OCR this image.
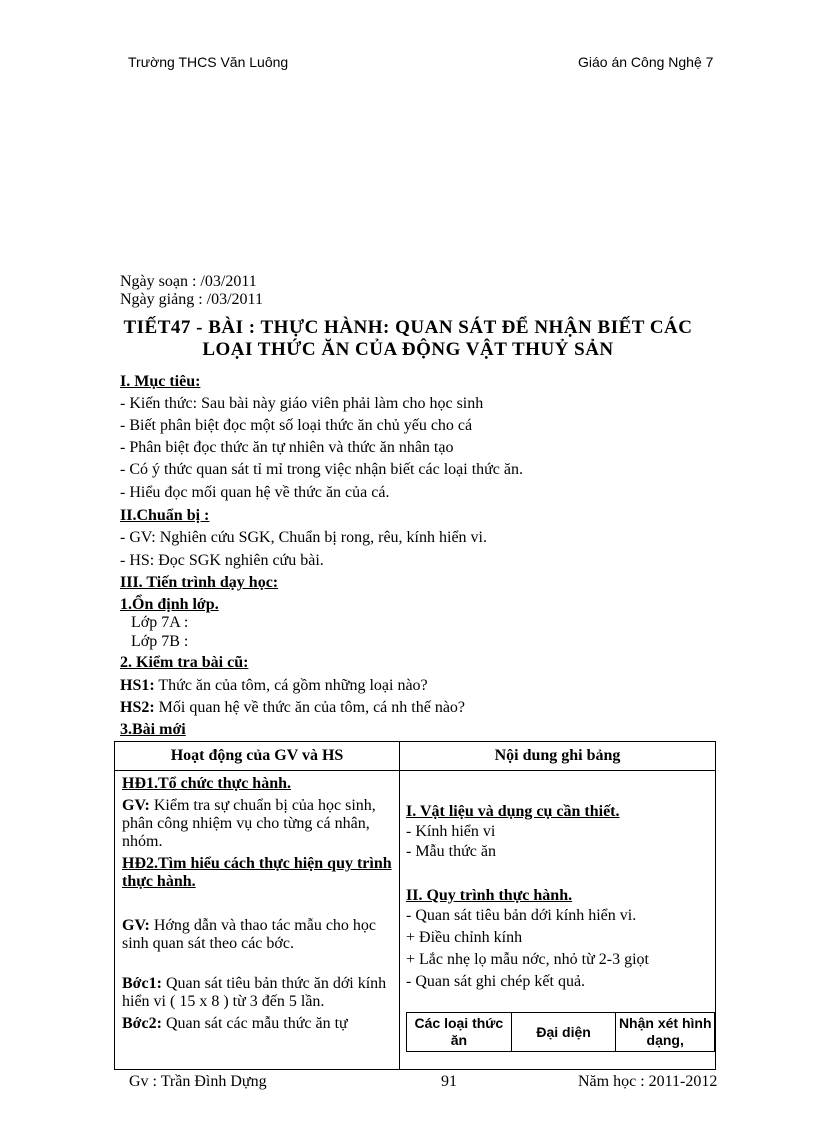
Trường THCS Văn Luông	Giáo án Công Nghệ 7
Ngày soạn : /03/2011
Ngày giảng : /03/2011
TIẾT47 - BÀI : THỰC HÀNH: QUAN SÁT ĐỂ NHẬN BIẾT CÁC
LOẠI THỨC ĂN CỦA ĐỘNG VẬT THUỶ SẢN
I. Mục tiêu:
- Kiến thức: Sau bài này giáo viên phải làm cho học sinh
- Biết phân biệt đọc một số loại thức ăn chủ yếu cho cá
- Phân biệt đọc thức ăn tự nhiên và thức ăn nhân tạo
- Có ý thức quan sát tỉ mỉ trong việc nhận biết các loại thức ăn.
- Hiểu đọc mối quan hệ về thức ăn của cá.
II.Chuẩn bị :
- GV: Nghiên cứu SGK, Chuẩn bị rong, rêu, kính hiển vi.
- HS: Đọc SGK nghiên cứu bài.
III. Tiến trình dạy học:
1.Ổn định lớp.
Lớp 7A :
Lớp 7B :
2. Kiểm tra bài cũ:
HS1: Thức ăn của tôm, cá gồm những loại nào?
HS2: Mối quan hệ về thức ăn của tôm, cá nh thế nào?
3.Bài mới
Hoạt động của GV và HS	Nội dung ghi bảng

HĐ1.Tổ chức thực hành.
GV: Kiểm tra sự chuẩn bị của học sinh, phân công nhiệm vụ cho từng cá nhân, nhóm.
HĐ2.Tìm hiểu cách thực hiện quy trình thực hành.
GV: Hớng dẫn và thao tác mẫu cho học sinh quan sát theo các bớc.
Bớc1: Quan sát tiêu bản thức ăn dới kính hiển vi ( 15 x 8 ) từ 3 đến 5 lần.
Bớc2: Quan sát các mẫu thức ăn tự

I. Vật liệu và dụng cụ cần thiết.
- Kính hiển vi
- Mẫu thức ăn
II. Quy trình thực hành.
- Quan sát tiêu bản dới kính hiển vi.
+ Điều chỉnh kính
+ Lắc nhẹ lọ mẫu nớc, nhỏ từ 2-3 giọt
- Quan sát ghi chép kết quả.
Các loại thức ăn	Đại diện	Nhận xét hình dạng,
Gv : Trần Đình Dựng	91	Năm học : 2011-2012
